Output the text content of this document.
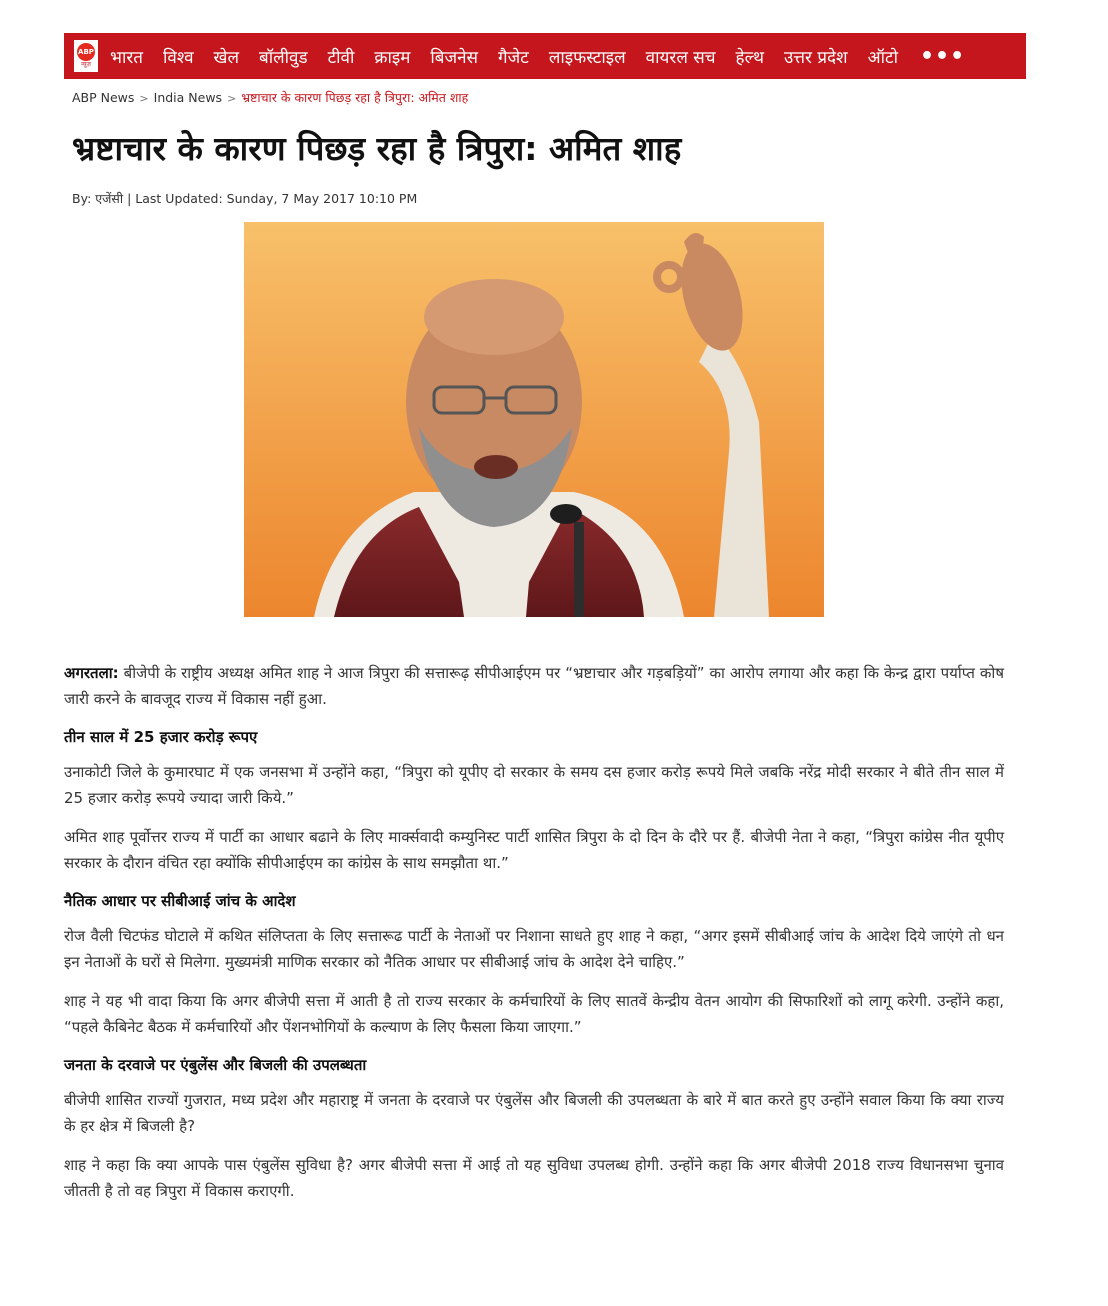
ABP
न्यूज़ भारत विश्व खेल बॉलीवुड टीवी क्राइम बिजनेस गैजेट लाइफस्टाइल वायरल सच हेल्थ उत्तर प्रदेश ऑटो •••
ABP News > India News > भ्रष्टाचार के कारण पिछड़ रहा है त्रिपुरा: अमित शाह
भ्रष्टाचार के कारण पिछड़ रहा है त्रिपुरा: अमित शाह
By: एजेंसी | Last Updated: Sunday, 7 May 2017 10:10 PM

अगरतला: बीजेपी के राष्ट्रीय अध्यक्ष अमित शाह ने आज त्रिपुरा की सत्तारूढ़ सीपीआईएम पर “भ्रष्टाचार और गड़बड़ियों” का आरोप लगाया और कहा कि केन्द्र द्वारा पर्याप्त कोष जारी करने के बावजूद राज्य में विकास नहीं हुआ.

तीन साल में 25 हजार करोड़ रूपए

उनाकोटी जिले के कुमारघाट में एक जनसभा में उन्होंने कहा, “त्रिपुरा को यूपीए दो सरकार के समय दस हजार करोड़ रूपये मिले जबकि नरेंद्र मोदी सरकार ने बीते तीन साल में 25 हजार करोड़ रूपये ज्यादा जारी किये.”

अमित शाह पूर्वोत्तर राज्य में पार्टी का आधार बढाने के लिए मार्क्सवादी कम्युनिस्ट पार्टी शासित त्रिपुरा के दो दिन के दौरे पर हैं. बीजेपी नेता ने कहा, “त्रिपुरा कांग्रेस नीत यूपीए सरकार के दौरान वंचित रहा क्योंकि सीपीआईएम का कांग्रेस के साथ समझौता था.”

नैतिक आधार पर सीबीआई जांच के आदेश

रोज वैली चिटफंड घोटाले में कथित संलिप्तता के लिए सत्तारूढ पार्टी के नेताओं पर निशाना साधते हुए शाह ने कहा, “अगर इसमें सीबीआई जांच के आदेश दिये जाएंगे तो धन इन नेताओं के घरों से मिलेगा. मुख्यमंत्री माणिक सरकार को नैतिक आधार पर सीबीआई जांच के आदेश देने चाहिए.”

शाह ने यह भी वादा किया कि अगर बीजेपी सत्ता में आती है तो राज्य सरकार के कर्मचारियों के लिए सातवें केन्द्रीय वेतन आयोग की सिफारिशों को लागू करेगी. उन्होंने कहा, “पहले कैबिनेट बैठक में कर्मचारियों और पेंशनभोगियों के कल्याण के लिए फैसला किया जाएगा.”

जनता के दरवाजे पर एंबुलेंस और बिजली की उपलब्धता

बीजेपी शासित राज्यों गुजरात, मध्य प्रदेश और महाराष्ट्र में जनता के दरवाजे पर एंबुलेंस और बिजली की उपलब्धता के बारे में बात करते हुए उन्होंने सवाल किया कि क्या राज्य के हर क्षेत्र में बिजली है?

शाह ने कहा कि क्या आपके पास एंबुलेंस सुविधा है? अगर बीजेपी सत्ता में आई तो यह सुविधा उपलब्ध होगी. उन्होंने कहा कि अगर बीजेपी 2018 राज्य विधानसभा चुनाव जीतती है तो वह त्रिपुरा में विकास कराएगी.
